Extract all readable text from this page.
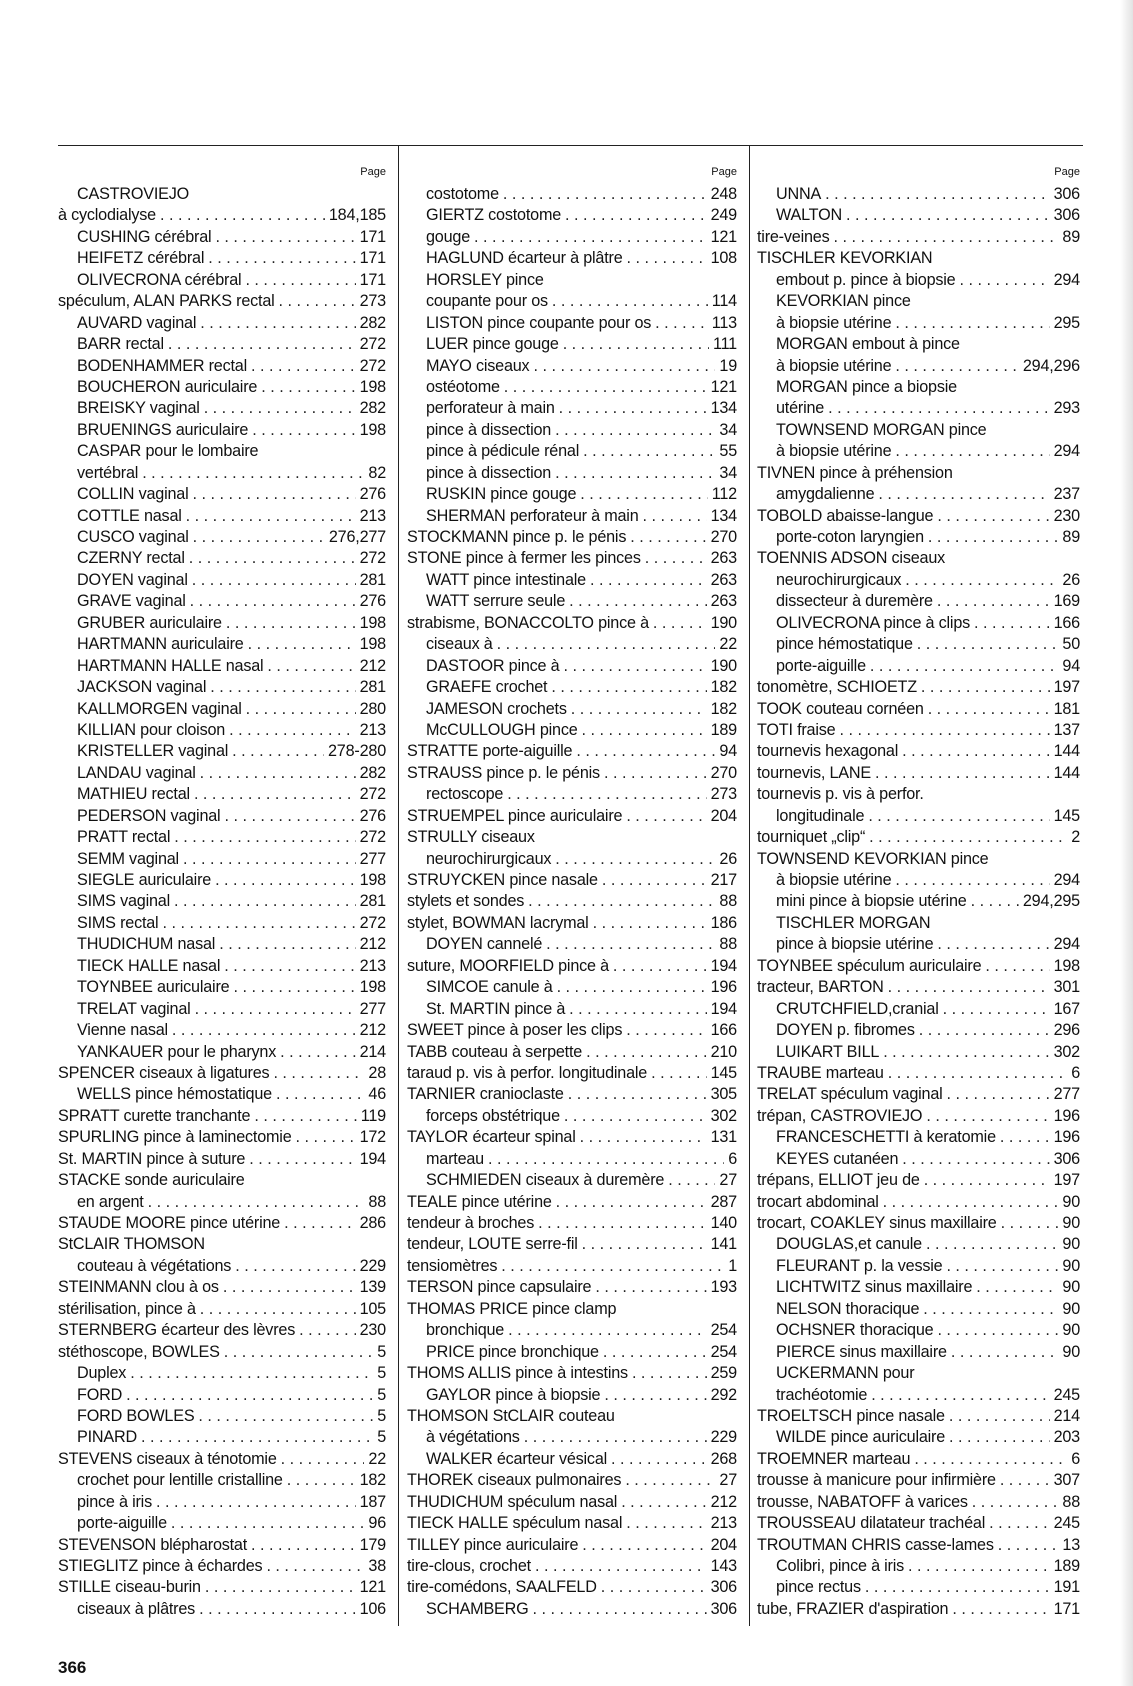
Page
CASTROVIEJO
à cyclodialyse . . .	184,185
CUSHING cérébral . . .	171
HEIFETZ cérébral . . .	171
OLIVECRONA cérébral . . .	171
spéculum, ALAN PARKS rectal . . .	273
AUVARD vaginal . . .	282
BARR rectal . . .	272
BODENHAMMER rectal . . .	272
BOUCHERON auriculaire . . .	198
BREISKY vaginal . . .	282
BRUENINGS auriculaire . . .	198
CASPAR pour le lombaire
vertébral . . .	82
COLLIN vaginal . . .	276
COTTLE nasal . . .	213
CUSCO vaginal . . .	276,277
CZERNY rectal . . .	272
DOYEN vaginal . . .	281
GRAVE vaginal . . .	276
GRUBER auriculaire . . .	198
HARTMANN auriculaire . . .	198
HARTMANN HALLE nasal . . .	212
JACKSON vaginal . . .	281
KALLMORGEN vaginal . . .	280
KILLIAN pour cloison . . .	213
KRISTELLER vaginal . . .	278-280
LANDAU vaginal . . .	282
MATHIEU rectal . . .	272
PEDERSON vaginal . . .	276
PRATT rectal . . .	272
SEMM vaginal . . .	277
SIEGLE auriculaire . . .	198
SIMS vaginal . . .	281
SIMS rectal . . .	272
THUDICHUM nasal . . .	212
TIECK HALLE nasal . . .	213
TOYNBEE auriculaire . . .	198
TRELAT vaginal . . .	277
Vienne nasal . . .	212
YANKAUER pour le pharynx . . .	214
SPENCER ciseaux à ligatures . . .	28
WELLS pince hémostatique . . .	46
SPRATT curette tranchante . . .	119
SPURLING pince à laminectomie . . .	172
St. MARTIN pince à suture . . .	194
STACKE sonde auriculaire
en argent . . .	88
STAUDE MOORE pince utérine . . .	286
StCLAIR THOMSON
couteau à végétations . . .	229
STEINMANN clou à os . . .	139
stérilisation, pince à . . .	105
STERNBERG écarteur des lèvres . . .	230
stéthoscope, BOWLES . . .	5
Duplex . . .	5
FORD . . .	5
FORD BOWLES . . .	5
PINARD . . .	5
STEVENS ciseaux à ténotomie . . .	22
crochet pour lentille cristalline . . .	182
pince à iris . . .	187
porte-aiguille . . .	96
STEVENSON blépharostat . . .	179
STIEGLITZ pince à échardes . . .	38
STILLE ciseau-burin . . .	121
ciseaux à plâtres . . .	106
Page
costotome . . .	248
GIERTZ costotome . . .	249
gouge . . .	121
HAGLUND écarteur à plâtre . . .	108
HORSLEY pince
coupante pour os . . .	114
LISTON pince coupante pour os . . .	113
LUER pince gouge . . .	111
MAYO ciseaux . . .	19
ostéotome . . .	121
perforateur à main . . .	134
pince à dissection . . .	34
pince à pédicule rénal . . .	55
pince à dissection . . .	34
RUSKIN pince gouge . . .	112
SHERMAN perforateur à main . . .	134
STOCKMANN pince p. le pénis . . .	270
STONE pince à fermer les pinces . . .	263
WATT pince intestinale . . .	263
WATT serrure seule . . .	263
strabisme, BONACCOLTO pince à . . .	190
ciseaux à . . .	22
DASTOOR pince à . . .	190
GRAEFE crochet . . .	182
JAMESON crochets . . .	182
McCULLOUGH pince . . .	189
STRATTE porte-aiguille . . .	94
STRAUSS pince p. le pénis . . .	270
rectoscope . . .	273
STRUEMPEL pince auriculaire . . .	204
STRULLY ciseaux
neurochirurgicaux . . .	26
STRUYCKEN pince nasale . . .	217
stylets et sondes . . .	88
stylet, BOWMAN lacrymal . . .	186
DOYEN cannelé . . .	88
suture, MOORFIELD pince à . . .	194
SIMCOE canule à . . .	196
St. MARTIN pince à . . .	194
SWEET pince à poser les clips . . .	166
TABB couteau à serpette . . .	210
taraud p. vis à perfor. longitudinale . . .	145
TARNIER cranioclaste . . .	305
forceps obstétrique . . .	302
TAYLOR écarteur spinal . . .	131
marteau . . .	6
SCHMIEDEN ciseaux à duremère . . .	27
TEALE pince utérine . . .	287
tendeur à broches . . .	140
tendeur, LOUTE serre-fil . . .	141
tensiomètres . . .	1
TERSON pince capsulaire . . .	193
THOMAS PRICE pince clamp
bronchique . . .	254
PRICE pince bronchique . . .	254
THOMS ALLIS pince à intestins . . .	259
GAYLOR pince à biopsie . . .	292
THOMSON StCLAIR couteau
à végétations . . .	229
WALKER écarteur vésical . . .	268
THOREK ciseaux pulmonaires . . .	27
THUDICHUM spéculum nasal . . .	212
TIECK HALLE spéculum nasal . . .	213
TILLEY pince auriculaire . . .	204
tire-clous, crochet . . .	143
tire-comédons, SAALFELD . . .	306
SCHAMBERG . . .	306
Page
UNNA . . .	306
WALTON . . .	306
tire-veines . . .	89
TISCHLER KEVORKIAN
embout p. pince à biopsie . . .	294
KEVORKIAN pince
à biopsie utérine . . .	295
MORGAN embout à pince
à biopsie utérine . . .	294,296
MORGAN pince a biopsie
utérine . . .	293
TOWNSEND MORGAN pince
à biopsie utérine . . .	294
TIVNEN pince à préhension
amygdalienne . . .	237
TOBOLD abaisse-langue . . .	230
porte-coton laryngien . . .	89
TOENNIS ADSON ciseaux
neurochirurgicaux . . .	26
dissecteur à duremère . . .	169
OLIVECRONA pince à clips . . .	166
pince hémostatique . . .	50
porte-aiguille . . .	94
tonomètre, SCHIOETZ . . .	197
TOOK couteau cornéen . . .	181
TOTI fraise . . .	137
tournevis hexagonal . . .	144
tournevis, LANE . . .	144
tournevis p. vis à perfor.
longitudinale . . .	145
tourniquet „clip“ . . .	2
TOWNSEND KEVORKIAN pince
à biopsie utérine . . .	294
mini pince à biopsie utérine . . .	294,295
TISCHLER MORGAN
pince à biopsie utérine . . .	294
TOYNBEE spéculum auriculaire . . .	198
tracteur, BARTON . . .	301
CRUTCHFIELD,cranial . . .	167
DOYEN p. fibromes . . .	296
LUIKART BILL . . .	302
TRAUBE marteau . . .	6
TRELAT spéculum vaginal . . .	277
trépan, CASTROVIEJO . . .	196
FRANCESCHETTI à keratomie . . .	196
KEYES cutanéen . . .	306
trépans, ELLIOT jeu de . . .	197
trocart abdominal . . .	90
trocart, COAKLEY sinus maxillaire . . .	90
DOUGLAS,et canule . . .	90
FLEURANT p. la vessie . . .	90
LICHTWITZ sinus maxillaire . . .	90
NELSON thoracique . . .	90
OCHSNER thoracique . . .	90
PIERCE sinus maxillaire . . .	90
UCKERMANN pour
trachéotomie . . .	245
TROELTSCH pince nasale . . .	214
WILDE pince auriculaire . . .	203
TROEMNER marteau . . .	6
trousse à manicure pour infirmière . . .	307
trousse, NABATOFF à varices . . .	88
TROUSSEAU dilatateur trachéal . . .	245
TROUTMAN CHRIS casse-lames . . .	13
Colibri, pince à iris . . .	189
pince rectus . . .	191
tube, FRAZIER d'aspiration . . .	171
366
